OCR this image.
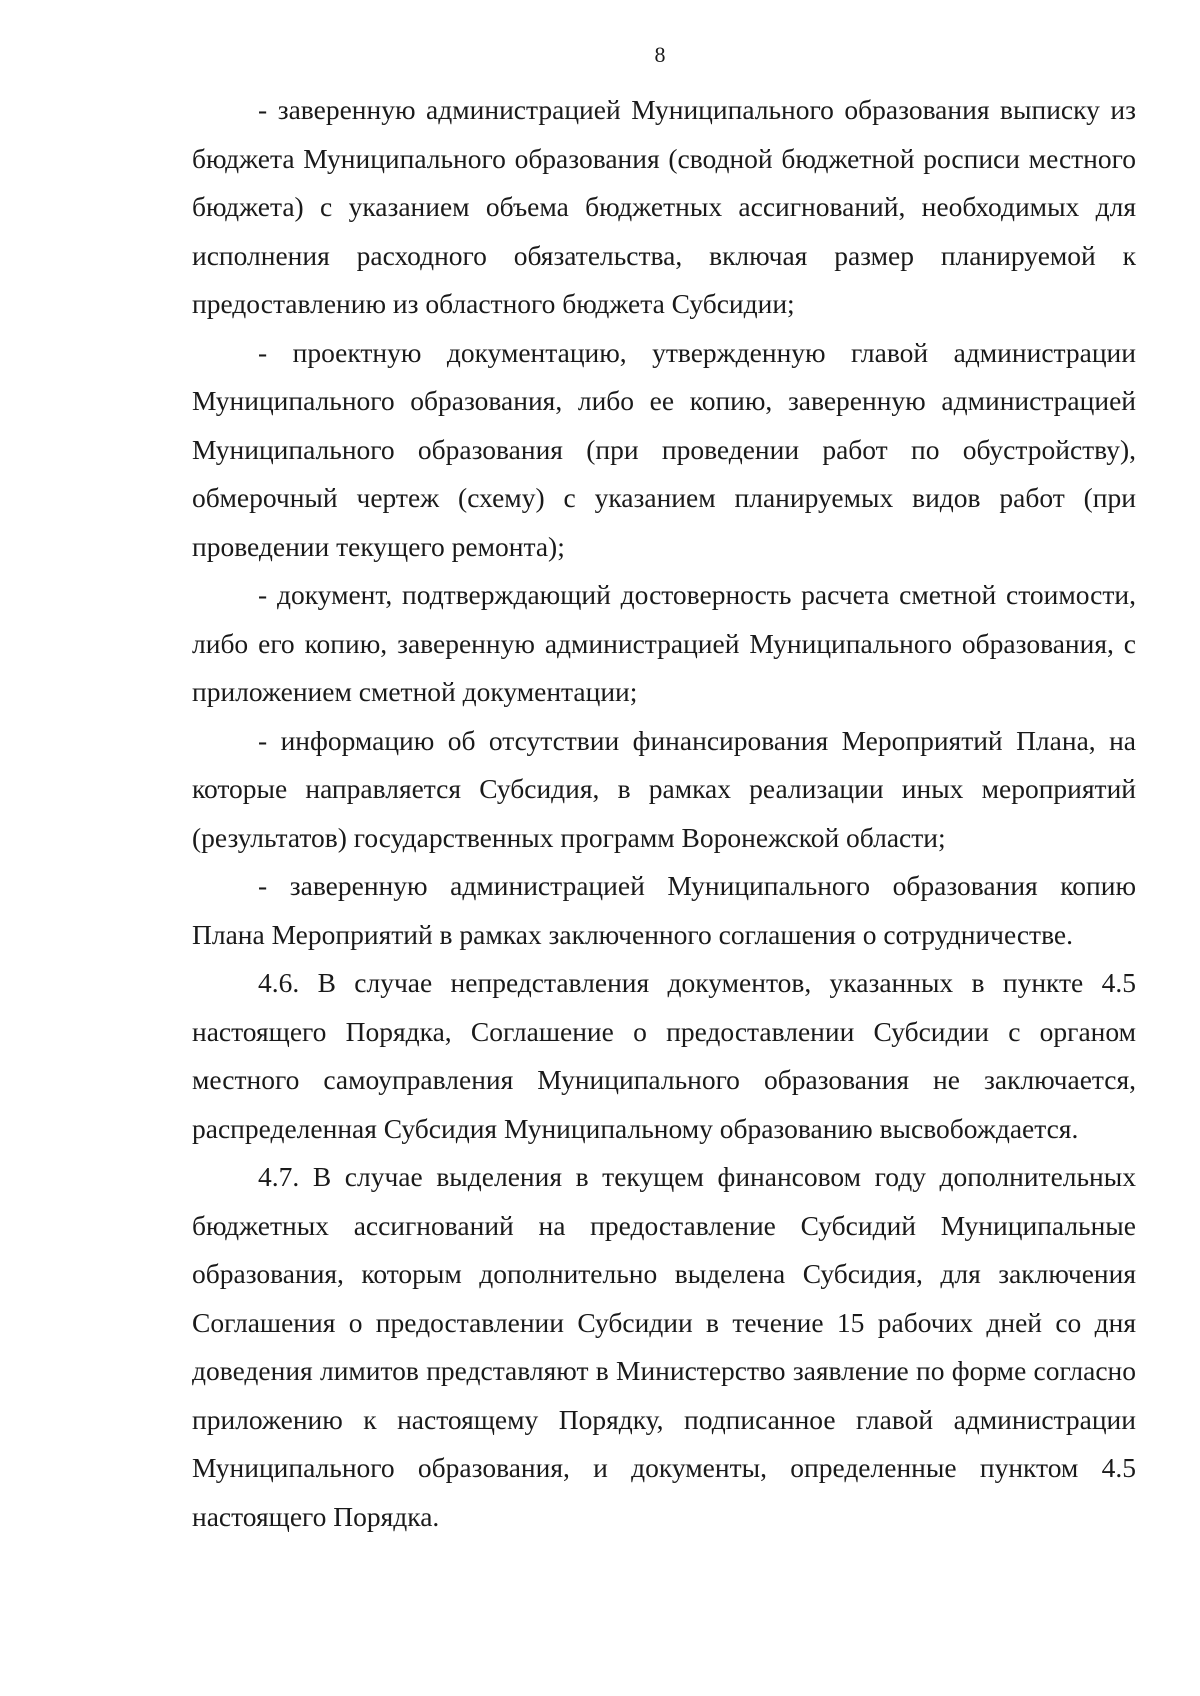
8

- заверенную администрацией Муниципального образования выписку из бюджета Муниципального образования (сводной бюджетной росписи местного бюджета) с указанием объема бюджетных ассигнований, необходимых для исполнения расходного обязательства, включая размер планируемой к предоставлению из областного бюджета Субсидии;

- проектную документацию, утвержденную главой администрации Муниципального образования, либо ее копию, заверенную администрацией Муниципального образования (при проведении работ по обустройству), обмерочный чертеж (схему) с указанием планируемых видов работ (при проведении текущего ремонта);

- документ, подтверждающий достоверность расчета сметной стоимости, либо его копию, заверенную администрацией Муниципального образования, с приложением сметной документации;

- информацию об отсутствии финансирования Мероприятий Плана, на которые направляется Субсидия, в рамках реализации иных мероприятий (результатов) государственных программ Воронежской области;

- заверенную администрацией Муниципального образования копию Плана Мероприятий в рамках заключенного соглашения о сотрудничестве.

4.6. В случае непредставления документов, указанных в пункте 4.5 настоящего Порядка, Соглашение о предоставлении Субсидии с органом местного самоуправления Муниципального образования не заключается, распределенная Субсидия Муниципальному образованию высвобождается.

4.7. В случае выделения в текущем финансовом году дополнительных бюджетных ассигнований на предоставление Субсидий Муниципальные образования, которым дополнительно выделена Субсидия, для заключения Соглашения о предоставлении Субсидии в течение 15 рабочих дней со дня доведения лимитов представляют в Министерство заявление по форме согласно приложению к настоящему Порядку, подписанное главой администрации Муниципального образования, и документы, определенные пунктом 4.5 настоящего Порядка.
